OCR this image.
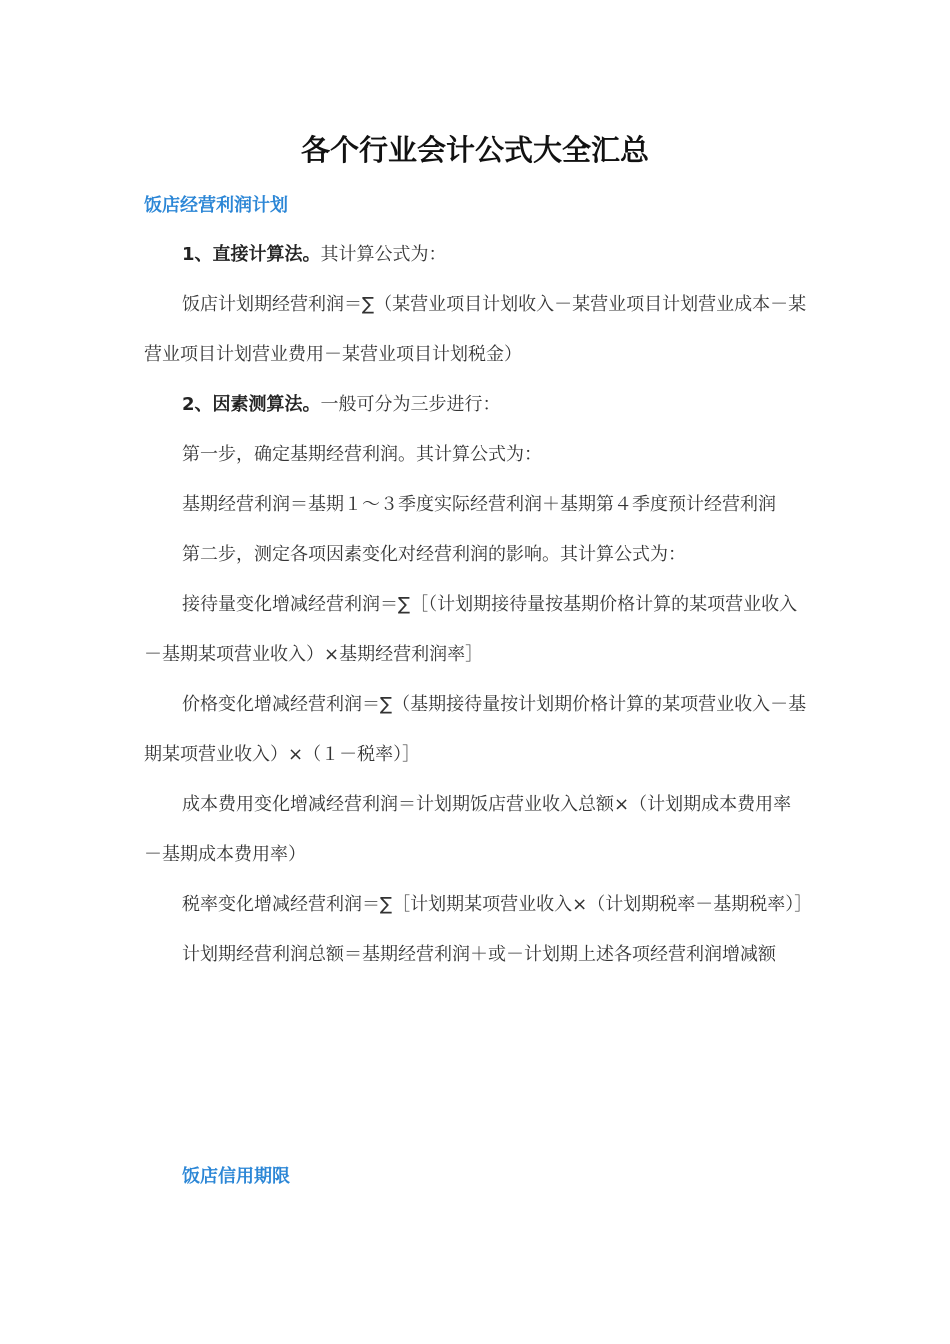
各个行业会计公式大全汇总
饭店经营利润计划

1、直接计算法。其计算公式为：

饭店计划期经营利润＝∑（某营业项目计划收入－某营业项目计划营业成本－某营业项目计划营业费用－某营业项目计划税金）

2、因素测算法。一般可分为三步进行：

第一步，确定基期经营利润。其计算公式为：

基期经营利润＝基期１～３季度实际经营利润＋基期第４季度预计经营利润

第二步，测定各项因素变化对经营利润的影响。其计算公式为：

接待量变化增减经营利润＝∑［（计划期接待量按基期价格计算的某项营业收入－基期某项营业收入）×基期经营利润率］

价格变化增减经营利润＝∑（基期接待量按计划期价格计算的某项营业收入－基期某项营业收入）×（１－税率）］

成本费用变化增减经营利润＝计划期饭店营业收入总额×（计划期成本费用率－基期成本费用率）

税率变化增减经营利润＝∑［计划期某项营业收入×（计划期税率－基期税率）］

计划期经营利润总额＝基期经营利润＋或－计划期上述各项经营利润增减额

饭店信用期限
